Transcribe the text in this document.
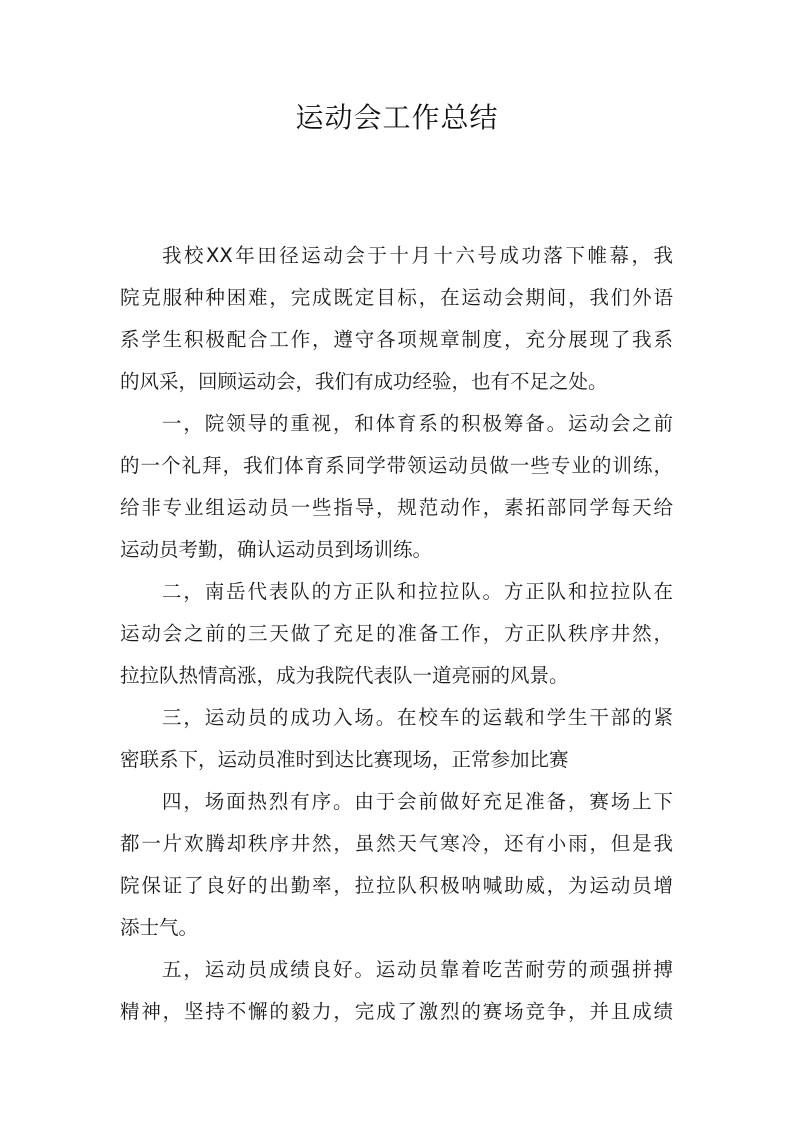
运动会工作总结
我校XX年田径运动会于十月十六号成功落下帷幕，我
院克服种种困难，完成既定目标，在运动会期间，我们外语
系学生积极配合工作，遵守各项规章制度，充分展现了我系
的风采，回顾运动会，我们有成功经验，也有不足之处。
一，院领导的重视，和体育系的积极筹备。运动会之前
的一个礼拜，我们体育系同学带领运动员做一些专业的训练，
给非专业组运动员一些指导，规范动作，素拓部同学每天给
运动员考勤，确认运动员到场训练。
二，南岳代表队的方正队和拉拉队。方正队和拉拉队在
运动会之前的三天做了充足的准备工作，方正队秩序井然，
拉拉队热情高涨，成为我院代表队一道亮丽的风景。
三，运动员的成功入场。在校车的运载和学生干部的紧
密联系下，运动员准时到达比赛现场，正常参加比赛
四，场面热烈有序。由于会前做好充足准备，赛场上下
都一片欢腾却秩序井然，虽然天气寒冷，还有小雨，但是我
院保证了良好的出勤率，拉拉队积极呐喊助威，为运动员增
添士气。
五，运动员成绩良好。运动员靠着吃苦耐劳的顽强拼搏
精神，坚持不懈的毅力，完成了激烈的赛场竞争，并且成绩
